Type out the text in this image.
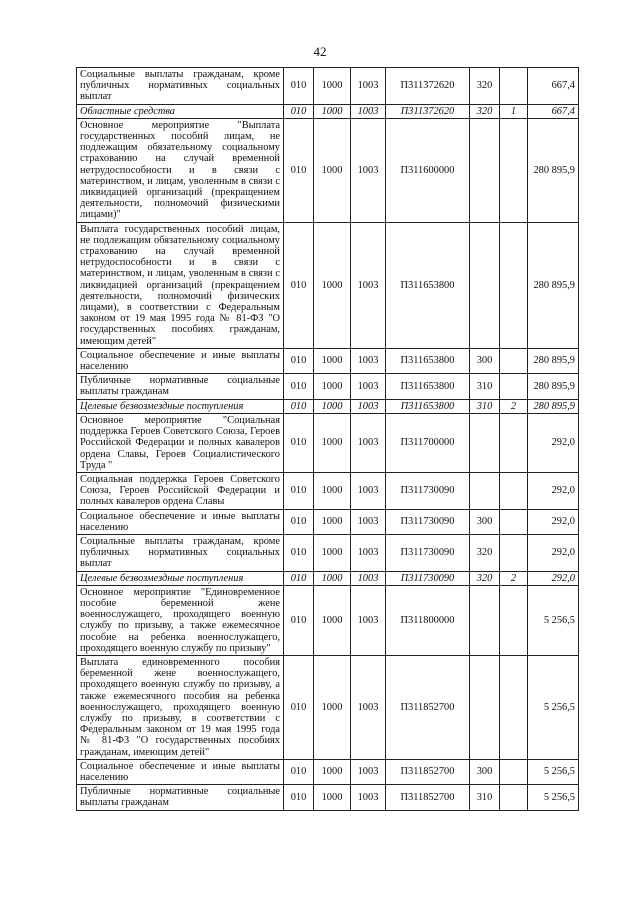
42
Социальные выплаты гражданам, кроме публичных нормативных социальных выплат	010	1000	1003	П311372620	320		667,4
Областные средства	010	1000	1003	П311372620	320	1	667,4
Основное мероприятие "Выплата государственных пособий лицам, не подлежащим обязательному социальному страхованию на случай временной нетрудоспособности и в связи с материнством, и лицам, уволенным в связи с ликвидацией организаций (прекращением деятельности, полномочий физическими лицами)"	010	1000	1003	П311600000			280 895,9
Выплата государственных пособий лицам, не подлежащим обязательному социальному страхованию на случай временной нетрудоспособности и в связи с материнством, и лицам, уволенным в связи с ликвидацией организаций (прекращением деятельности, полномочий физических лицами), в соответствии с Федеральным законом от 19 мая 1995 года № 81-ФЗ "О государственных пособиях гражданам, имеющим детей"	010	1000	1003	П311653800			280 895,9
Социальное обеспечение и иные выплаты населению	010	1000	1003	П311653800	300		280 895,9
Публичные нормативные социальные выплаты гражданам	010	1000	1003	П311653800	310		280 895,9
Целевые безвозмездные поступления	010	1000	1003	П311653800	310	2	280 895,9
Основное мероприятие "Социальная поддержка Героев Советского Союза, Героев Российской Федерации и полных кавалеров ордена Славы, Героев Социалистического Труда "	010	1000	1003	П311700000			292,0
Социальная поддержка Героев Советского Союза, Героев Российской Федерации и полных кавалеров ордена Славы	010	1000	1003	П311730090			292,0
Социальное обеспечение и иные выплаты населению	010	1000	1003	П311730090	300		292,0
Социальные выплаты гражданам, кроме публичных нормативных социальных выплат	010	1000	1003	П311730090	320		292,0
Целевые безвозмездные поступления	010	1000	1003	П311730090	320	2	292,0
Основное мероприятие "Единовременное пособие беременной жене военнослужащего, проходящего военную службу по призыву, а также ежемесячное пособие на ребенка военнослужащего, проходящего военную службу по призыву"	010	1000	1003	П311800000			5 256,5
Выплата единовременного пособия беременной жене военнослужащего, проходящего военную службу по призыву, а также ежемесячного пособия на ребенка военнослужащего, проходящего военную службу по призыву, в соответствии с Федеральным законом от 19 мая 1995 года № 81-ФЗ "О государственных пособиях гражданам, имеющим детей"	010	1000	1003	П311852700			5 256,5
Социальное обеспечение и иные выплаты населению	010	1000	1003	П311852700	300		5 256,5
Публичные нормативные социальные выплаты гражданам	010	1000	1003	П311852700	310		5 256,5
